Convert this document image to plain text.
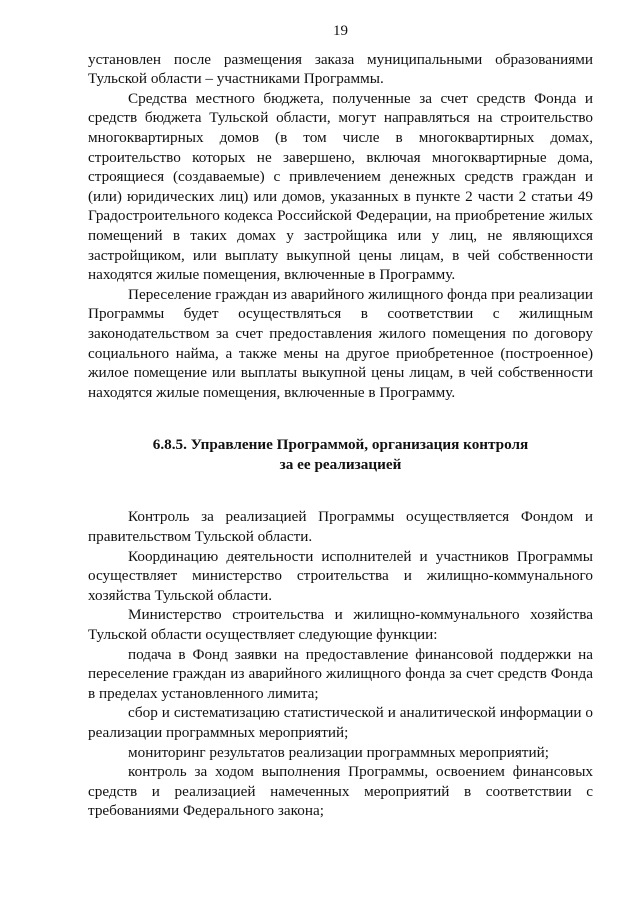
19

установлен после размещения заказа муниципальными образованиями Тульской области – участниками Программы.

Средства местного бюджета, полученные за счет средств Фонда и средств бюджета Тульской области, могут направляться на строительство многоквартирных домов (в том числе в многоквартирных домах, строительство которых не завершено, включая многоквартирные дома, строящиеся (создаваемые) с привлечением денежных средств граждан и (или) юридических лиц) или домов, указанных в пункте 2 части 2 статьи 49 Градостроительного кодекса Российской Федерации, на приобретение жилых помещений в таких домах у застройщика или у лиц, не являющихся застройщиком, или выплату выкупной цены лицам, в чей собственности находятся жилые помещения, включенные в Программу.

Переселение граждан из аварийного жилищного фонда при реализации Программы будет осуществляться в соответствии с жилищным законодательством за счет предоставления жилого помещения по договору социального найма, а также мены на другое приобретенное (построенное) жилое помещение или выплаты выкупной цены лицам, в чей собственности находятся жилые помещения, включенные в Программу.

6.8.5. Управление Программой, организация контроля
за ее реализацией

Контроль за реализацией Программы осуществляется Фондом и правительством Тульской области.

Координацию деятельности исполнителей и участников Программы осуществляет министерство строительства и жилищно-коммунального хозяйства Тульской области.

Министерство строительства и жилищно-коммунального хозяйства Тульской области осуществляет следующие функции:

подача в Фонд заявки на предоставление финансовой поддержки на переселение граждан из аварийного жилищного фонда за счет средств Фонда в пределах установленного лимита;

сбор и систематизацию статистической и аналитической информации о реализации программных мероприятий;

мониторинг результатов реализации программных мероприятий;

контроль за ходом выполнения Программы, освоением финансовых средств и реализацией намеченных мероприятий в соответствии с требованиями Федерального закона;
